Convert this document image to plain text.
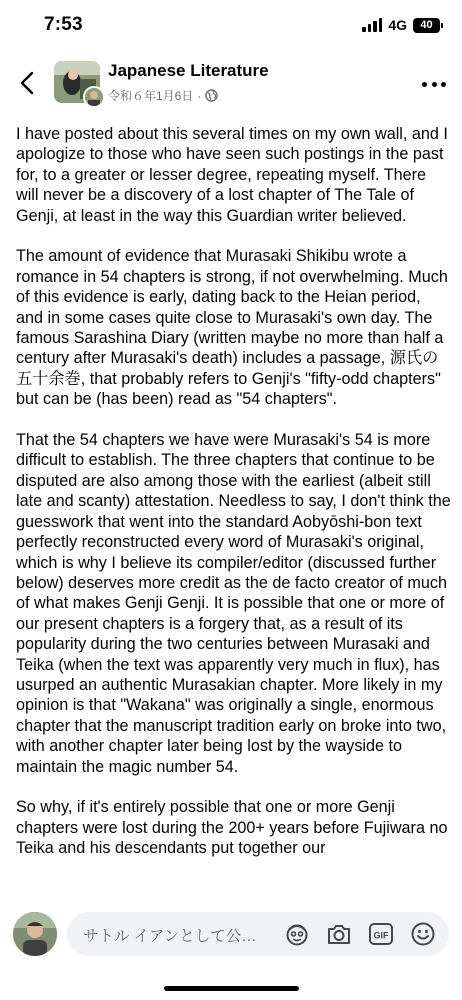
7:53	4G	40
Japanese Literature
令和６年1月6日 ·

I have posted about this several times on my own wall, and I apologize to those who have seen such postings in the past for, to a greater or lesser degree, repeating myself. There will never be a discovery of a lost chapter of The Tale of Genji, at least in the way this Guardian writer believed.

The amount of evidence that Murasaki Shikibu wrote a romance in 54 chapters is strong, if not overwhelming. Much of this evidence is early, dating back to the Heian period, and in some cases quite close to Murasaki's own day. The famous Sarashina Diary (written maybe no more than half a century after Murasaki's death) includes a passage, 源氏の五十余巻, that probably refers to Genji's "fifty-odd chapters" but can be (has been) read as "54 chapters".

That the 54 chapters we have were Murasaki's 54 is more difficult to establish. The three chapters that continue to be disputed are also among those with the earliest (albeit still late and scanty) attestation. Needless to say, I don't think the guesswork that went into the standard Aobyōshi-bon text perfectly reconstructed every word of Murasaki's original, which is why I believe its compiler/editor (discussed further below) deserves more credit as the de facto creator of much of what makes Genji Genji. It is possible that one or more of our present chapters is a forgery that, as a result of its popularity during the two centuries between Murasaki and Teika (when the text was apparently very much in flux), has usurped an authentic Murasakian chapter. More likely in my opinion is that "Wakana" was originally a single, enormous chapter that the manuscript tradition early on broke into two, with another chapter later being lost by the wayside to maintain the magic number 54.

So why, if it's entirely possible that one or more Genji chapters were lost during the 200+ years before Fujiwara no Teika and his descendants put together our

サトル イアンとして公…	GIF
